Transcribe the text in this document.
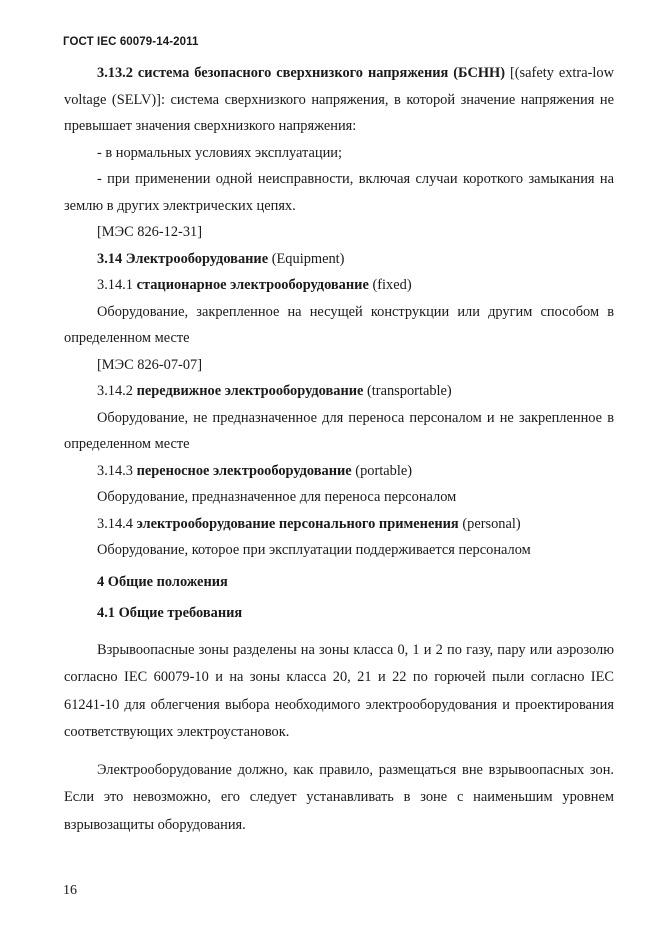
ГОСТ IEC 60079-14-2011

3.13.2 система безопасного сверхнизкого напряжения (БСНН) [(safety extra-low voltage (SELV)]: система сверхнизкого напряжения, в которой значение напряжения не превышает значения сверхнизкого напряжения:

- в нормальных условиях эксплуатации;

- при применении одной неисправности, включая случаи короткого замыкания на землю в других электрических цепях.

[МЭС 826-12-31]

3.14 Электрооборудование (Equipment)

3.14.1 стационарное электрооборудование (fixed)

Оборудование, закрепленное на несущей конструкции или другим способом в определенном месте

[МЭС 826-07-07]

3.14.2 передвижное электрооборудование (transportable)

Оборудование, не предназначенное для переноса персоналом и не закрепленное в определенном месте

3.14.3 переносное электрооборудование (portable)

Оборудование, предназначенное для переноса персоналом

3.14.4 электрооборудование персонального применения (personal)

Оборудование, которое при эксплуатации поддерживается персоналом

4 Общие положения

4.1 Общие требования

Взрывоопасные зоны разделены на зоны класса 0, 1 и 2 по газу, пару или аэрозолю согласно IEC 60079-10 и на зоны класса 20, 21 и 22 по горючей пыли согласно IEC 61241-10 для облегчения выбора необходимого электрооборудования и проектирования соответствующих электроустановок.

Электрооборудование должно, как правило, размещаться вне взрывоопасных зон. Если это невозможно, его следует устанавливать в зоне с наименьшим уровнем взрывозащиты оборудования.

16
